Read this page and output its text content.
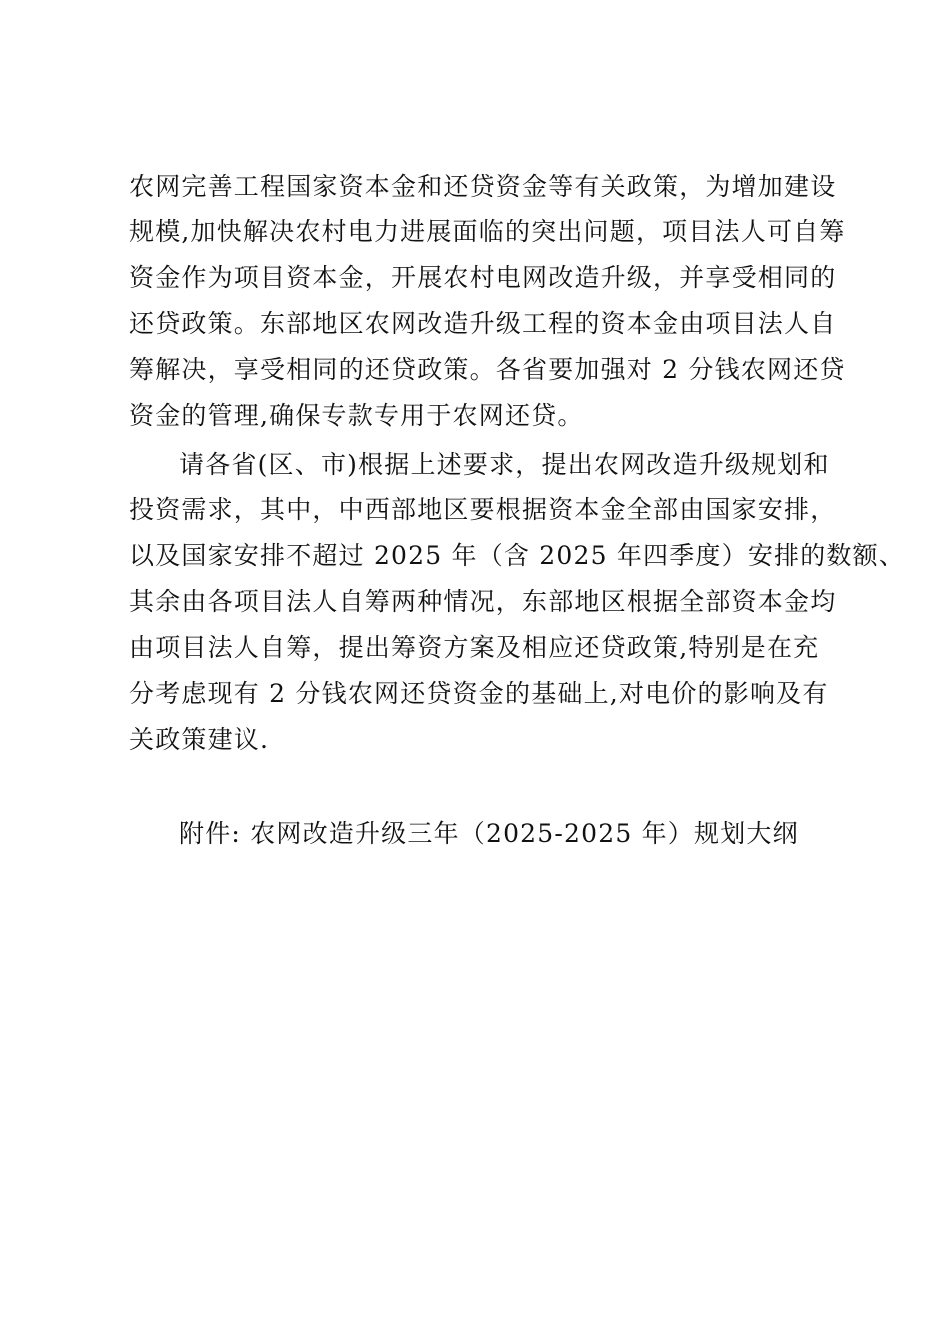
农网完善工程国家资本金和还贷资金等有关政策，为增加建设
规模,加快解决农村电力进展面临的突出问题，项目法人可自筹
资金作为项目资本金，开展农村电网改造升级，并享受相同的
还贷政策。东部地区农网改造升级工程的资本金由项目法人自
筹解决，享受相同的还贷政策。各省要加强对 2 分钱农网还贷
资金的管理,确保专款专用于农网还贷。
请各省(区、市)根据上述要求，提出农网改造升级规划和
投资需求，其中，中西部地区要根据资本金全部由国家安排，
以及国家安排不超过 2025 年（含 2025 年四季度）安排的数额、
其余由各项目法人自筹两种情况，东部地区根据全部资本金均
由项目法人自筹，提出筹资方案及相应还贷政策,特别是在充
分考虑现有 2 分钱农网还贷资金的基础上,对电价的影响及有
关政策建议.
附件: 农网改造升级三年（2025-2025 年）规划大纲
